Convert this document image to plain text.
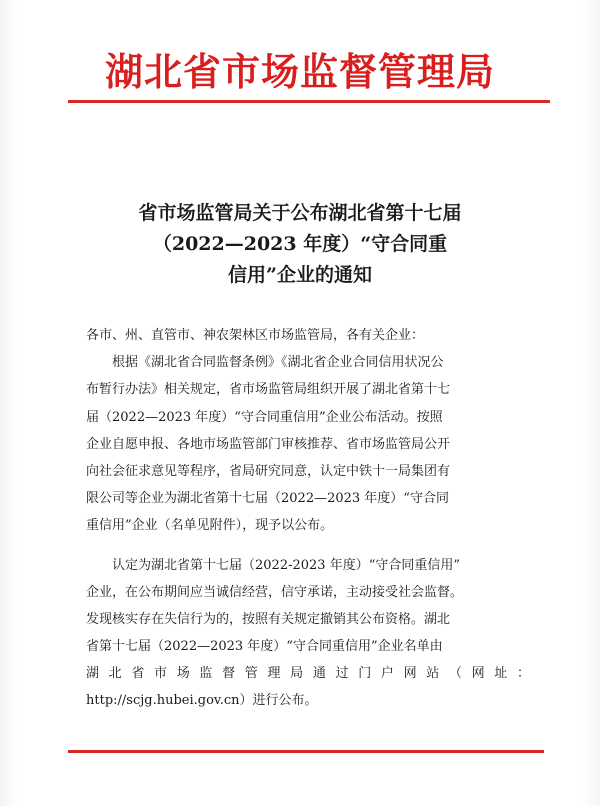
湖北省市场监督管理局
省市场监管局关于公布湖北省第十七届
（2022—2023 年度）“守合同重
信用”企业的通知
各市、州、直管市、神农架林区市场监管局，各有关企业：
根据《湖北省合同监督条例》《湖北省企业合同信用状况公
布暂行办法》相关规定，省市场监管局组织开展了湖北省第十七
届（2022—2023 年度）“守合同重信用”企业公布活动。按照
企业自愿申报、各地市场监管部门审核推荐、省市场监管局公开
向社会征求意见等程序，省局研究同意，认定中铁十一局集团有
限公司等企业为湖北省第十七届（2022—2023 年度）“守合同
重信用”企业（名单见附件），现予以公布。
认定为湖北省第十七届（2022-2023 年度）“守合同重信用”
企业，在公布期间应当诚信经营，信守承诺，主动接受社会监督。
发现核实存在失信行为的，按照有关规定撤销其公布资格。湖北
省第十七届（2022—2023 年度）“守合同重信用”企业名单由
湖北省市场监督管理局通过门户网站（网址：
http://scjg.hubei.gov.cn）进行公布。
